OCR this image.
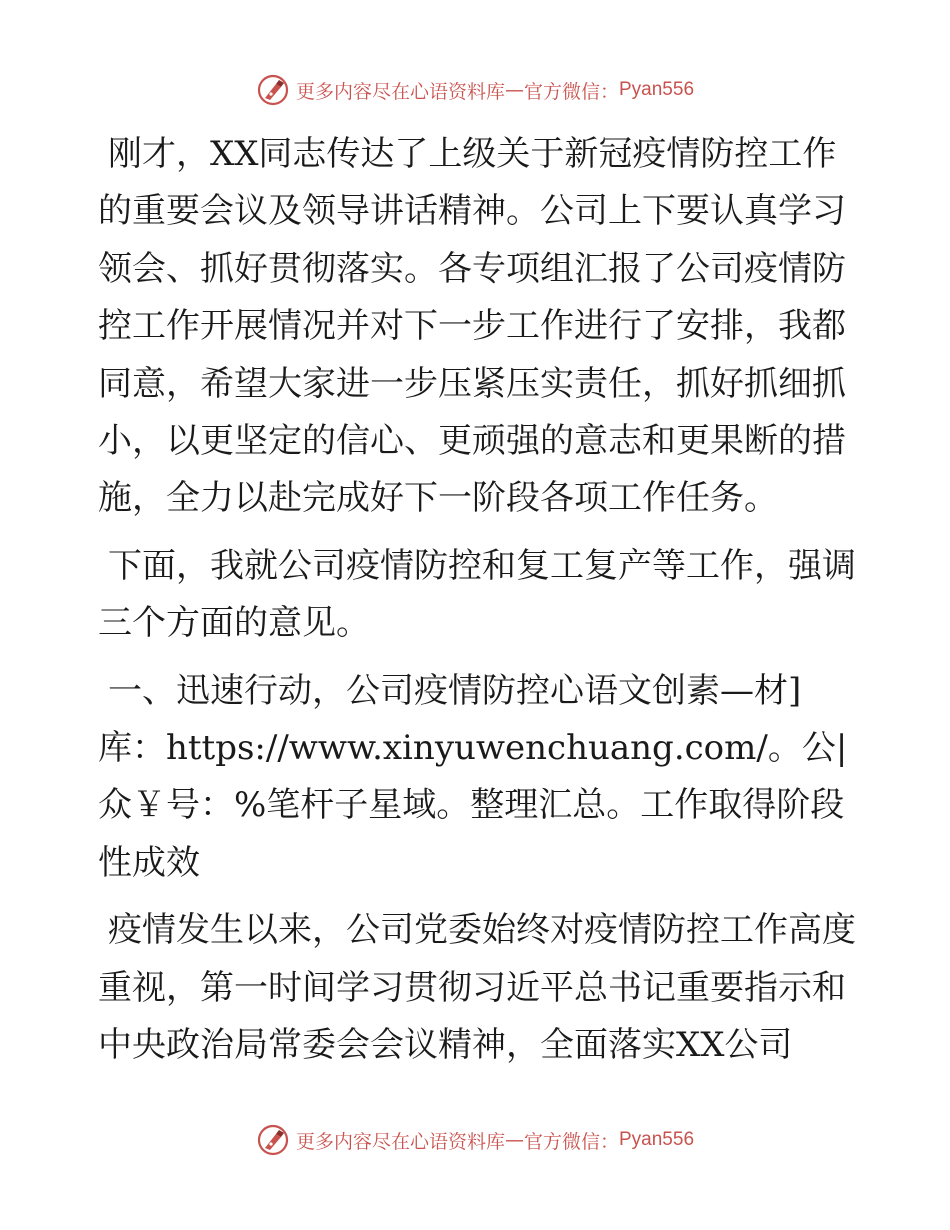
更多内容尽在心语资料库 — 官方微信： Pyan556

刚才，XX同志传达了上级关于新冠疫情防控工作的重要会议及领导讲话精神。公司上下要认真学习领会、抓好贯彻落实。各专项组汇报了公司疫情防控工作开展情况并对下一步工作进行了安排，我都同意，希望大家进一步压紧压实责任，抓好抓细抓小，以更坚定的信心、更顽强的意志和更果断的措施，全力以赴完成好下一阶段各项工作任务。

下面，我就公司疫情防控和复工复产等工作，强调三个方面的意见。

一、迅速行动，公司疫情防控心语文创素—材]库：https://www.xinyuwenchuang.com/。公|众￥号：%笔杆子星域。整理汇总。工作取得阶段性成效

疫情发生以来，公司党委始终对疫情防控工作高度重视，第一时间学习贯彻习近平总书记重要指示和中央政治局常委会会议精神，全面落实XX公司

更多内容尽在心语资料库 — 官方微信： Pyan556
